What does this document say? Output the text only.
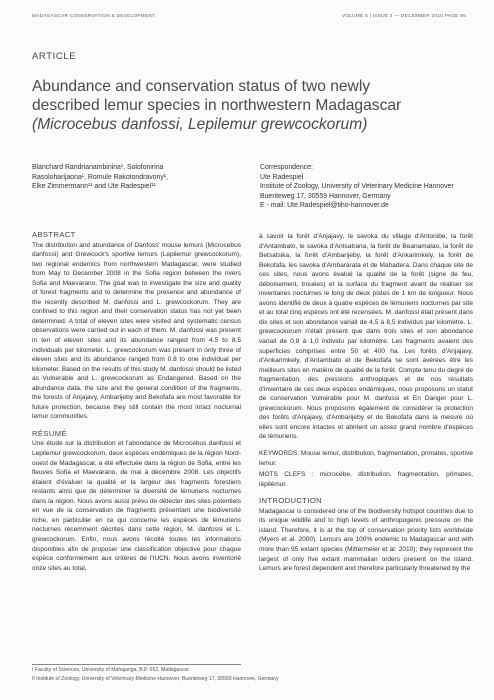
MADAGASCAR CONSERVATION & DEVELOPMENT	VOLUME 5 | ISSUE 2 — DECEMBER 2010 PAGE 95
ARTICLE
Abundance and conservation status of two newly
described lemur species in northwestern Madagascar
(Microcebus danfossi, Lepilemur grewcockorum)
Blanchard Randrianambinina¹, Solofonirina
Rasoloharijaona¹, Romule Rakotondravony¹,
Elke Zimmermann¹¹ and Ute Radespiel¹¹
Correspondence:
Ute Radespiel
Institute of Zoology, University of Veterinary Medicine Hannover
Buenteweg 17, 30559 Hannover, Germany
E - mail: Ute.Radespiel@tiho-hannover.de
ABSTRACT

The distribution and abundance of Danfoss' mouse lemurs (Microcebus danfossi) and Grewcock's sportive lemurs (Lepilemur grewcockorum), two regional endemics from northwestern Madagascar, were studied from May to December 2008 in the Sofia region between the rivers Sofia and Maevarano. The goal was to investigate the size and quality of forest fragments and to determine the presence and abundance of the recently described M. danfossi and L. grewcockorum. They are confined to this region and their conservation status has not yet been determined. A total of eleven sites were visited and systematic census observations were carried out in each of them. M. danfossi was present in ten of eleven sites and its abundance ranged from 4.5 to 8.5 individuals per kilometer. L. grewcockorum was present in only three of eleven sites and its abundance ranged from 0.8 to one individual per kilometer. Based on the results of this study M. danfossi should be listed as Vulnerable and L. grewcockorum as Endangered. Based on the abundance data, the size and the general condition of the fragments, the forests of Anjajavy, Ambarijeby and Bekofafa are most favorable for future protection, because they still contain the most intact nocturnal lemur communities.

RÉSUMÉ

Une étude sur la distribution et l'abondance de Microcebus danfossi et Lepilemur grewcockorum, deux espèces endémiques de la région Nord-ouest de Madagascar, a été effectuée dans la région de Sofia, entre les fleuves Sofia et Maevarano, de mai à décembre 2008. Les objectifs étaient d'évaluer la qualité et la largeur des fragments forestiers restants ainsi que de déterminer la diversité de lémuriens nocturnes dans la région. Nous avons aussi prévu de détecter des sites potentiels en vue de la conservation de fragments présentant une biodiversité riche, en particulier en ce qui concerne les espèces de lémuriens nocturnes récemment décrites dans cette région, M. danfossi et L. grewcockorum. Enfin, nous avons récolté toutes les informations disponibles afin de proposer une classification objective pour chaque espèce conformément aux critères de l'IUCN. Nous avons inventorié onze sites au total,

à savoir la forêt d'Anjajavy, le savoka du village d'Antonibe, la forêt d'Antambato, le savoka d'Antsatrana, la forêt de Beanamalao, la forêt de Betsatsika, la forêt d'Ambarijeby, la forêt d'Ankarimkely, la forêt de Bekofafa, les savoka d'Ambararata et de Mahadera. Dans chaque site de ces sites, nous avons évalué la qualité de la forêt (signe de feu, déboisement, trouées) et la surface du fragment avant de réaliser six inventaires nocturnes le long de deux pistes de 1 km de longueur. Nous avons identifié de deux à quatre espèces de lémuriens nocturnes par site et au total cinq espèces ont été recensées. M. danfossi était présent dans dix sites et son abondance variait de 4,5 à 8,5 individus par kilomètre. L. grewcockorum n'était présent que dans trois sites et son abondance variait de 0,8 à 1,0 individu par kilomètre. Les fragments avaient des superficies comprises entre 50 et 400 ha. Les forêts d'Anjajavy, d'Ankarimkely, d'Antambato et de Bekofafa se sont avérées être les meilleurs sites en matière de qualité de la forêt. Compte tenu du degré de fragmentation, des pressions anthropiques et de nos résultats d'inventaire de ces deux espèces endémiques, nous proposons un statut de conservation Vulnérable pour M. danfossi et En Danger pour L. grewcockorum. Nous proposons également de considérer la protection des forêts d'Anjajavy, d'Ambarijeby et de Bekofafa dans la mesure où elles sont encore intactes et abritent un assez grand nombre d'espèces de lémuriens.

KEYWORDS: Mouse lemur, distribution, fragmentation, primates, sportive lemur.

MOTS CLEFS : microcèbe, distribution, fragmentation, primates, lépilémur.

INTRODUCTION

Madagascar is considered one of the biodiversity hotspot countries due to its unique wildlife and to high levels of anthropogenic pressure on the island. Therefore, it is at the top of conservation priority lists worldwide (Myers et al. 2000). Lemurs are 100% endemic to Madagascar and with more than 95 extant species (Mittermeier et al. 2010); they represent the largest of only five extant mammalian orders present on the island. Lemurs are forest dependent and therefore particularly threatened by the

I Faculty of Sciences, University of Mahajanga, B.P. 652, Madagascar
II Institute of Zoology, University of Veterinary Medicine Hannover, Buenteweg 17, 30559 Hannover, Germany
